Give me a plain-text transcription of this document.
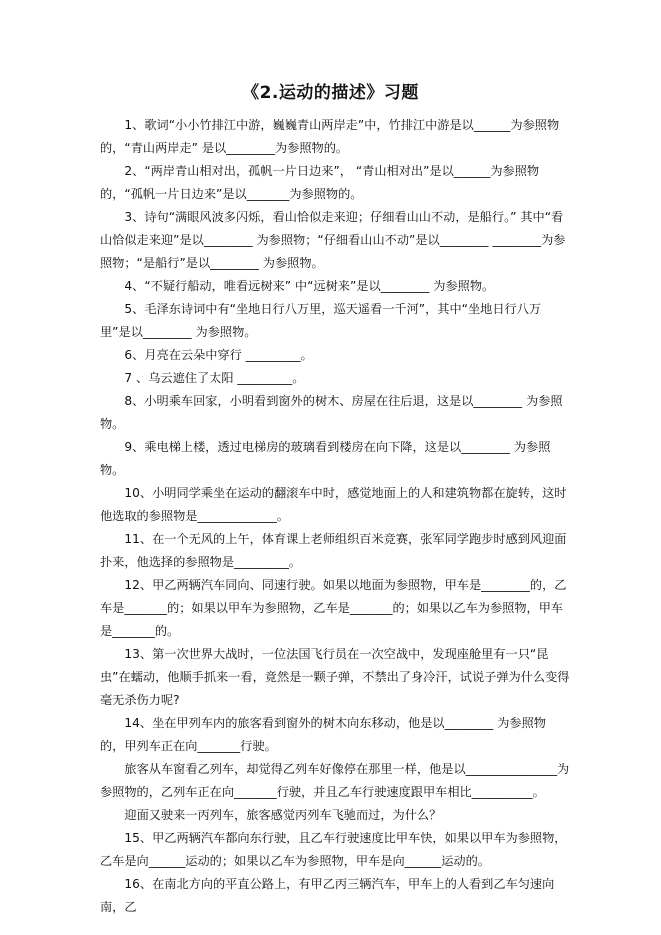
《2.运动的描述》习题

1、歌词“小小竹排江中游，巍巍青山两岸走”中，竹排江中游是以______为参照物的，“青山两岸走” 是以________为参照物的。

2、“两岸青山相对出，孤帆一片日边来”， “青山相对出”是以______为参照物的，“孤帆一片日边来”是以_______为参照物的。

3、诗句“满眼风波多闪烁，看山恰似走来迎；仔细看山山不动，是船行。” 其中“看山恰似走来迎”是以________ 为参照物；“仔细看山山不动”是以________ ________为参照物；“是船行”是以________ 为参照物。

4、“不疑行船动，唯看远树来” 中“远树来”是以________ 为参照物。

5、毛泽东诗词中有“坐地日行八万里，巡天遥看一千河”，其中“坐地日行八万里”是以________ 为参照物。

6、月亮在云朵中穿行 _________。

7 、乌云遮住了太阳 _________。

8、小明乘车回家，小明看到窗外的树木、房屋在往后退，这是以________ 为参照物。

9、乘电梯上楼，透过电梯房的玻璃看到楼房在向下降，这是以________ 为参照物。

10、小明同学乘坐在运动的翻滚车中时，感觉地面上的人和建筑物都在旋转，这时他选取的参照物是_____________。

11、在一个无风的上午，体育课上老师组织百米竞赛，张军同学跑步时感到风迎面扑来，他选择的参照物是_________。

12、甲乙两辆汽车同向、同速行驶。如果以地面为参照物，甲车是________的，乙车是_______的；如果以甲车为参照物，乙车是_______的；如果以乙车为参照物，甲车是_______的。

13、第一次世界大战时，一位法国飞行员在一次空战中，发现座舱里有一只“昆虫”在蠕动，他顺手抓来一看，竟然是一颗子弹，不禁出了身冷汗，试说子弹为什么变得毫无杀伤力呢?

14、坐在甲列车内的旅客看到窗外的树木向东移动，他是以________ 为参照物的，甲列车正在向_______行驶。

旅客从车窗看乙列车，却觉得乙列车好像停在那里一样，他是以_______________为参照物的，乙列车正在向_______行驶，并且乙车行驶速度跟甲车相比__________。

迎面又驶来一丙列车，旅客感觉丙列车飞驰而过，为什么？

15、甲乙两辆汽车都向东行驶，且乙车行驶速度比甲车快，如果以甲车为参照物，乙车是向______运动的；如果以乙车为参照物，甲车是向______运动的。

16、在南北方向的平直公路上，有甲乙丙三辆汽车，甲车上的人看到乙车匀速向南，乙
